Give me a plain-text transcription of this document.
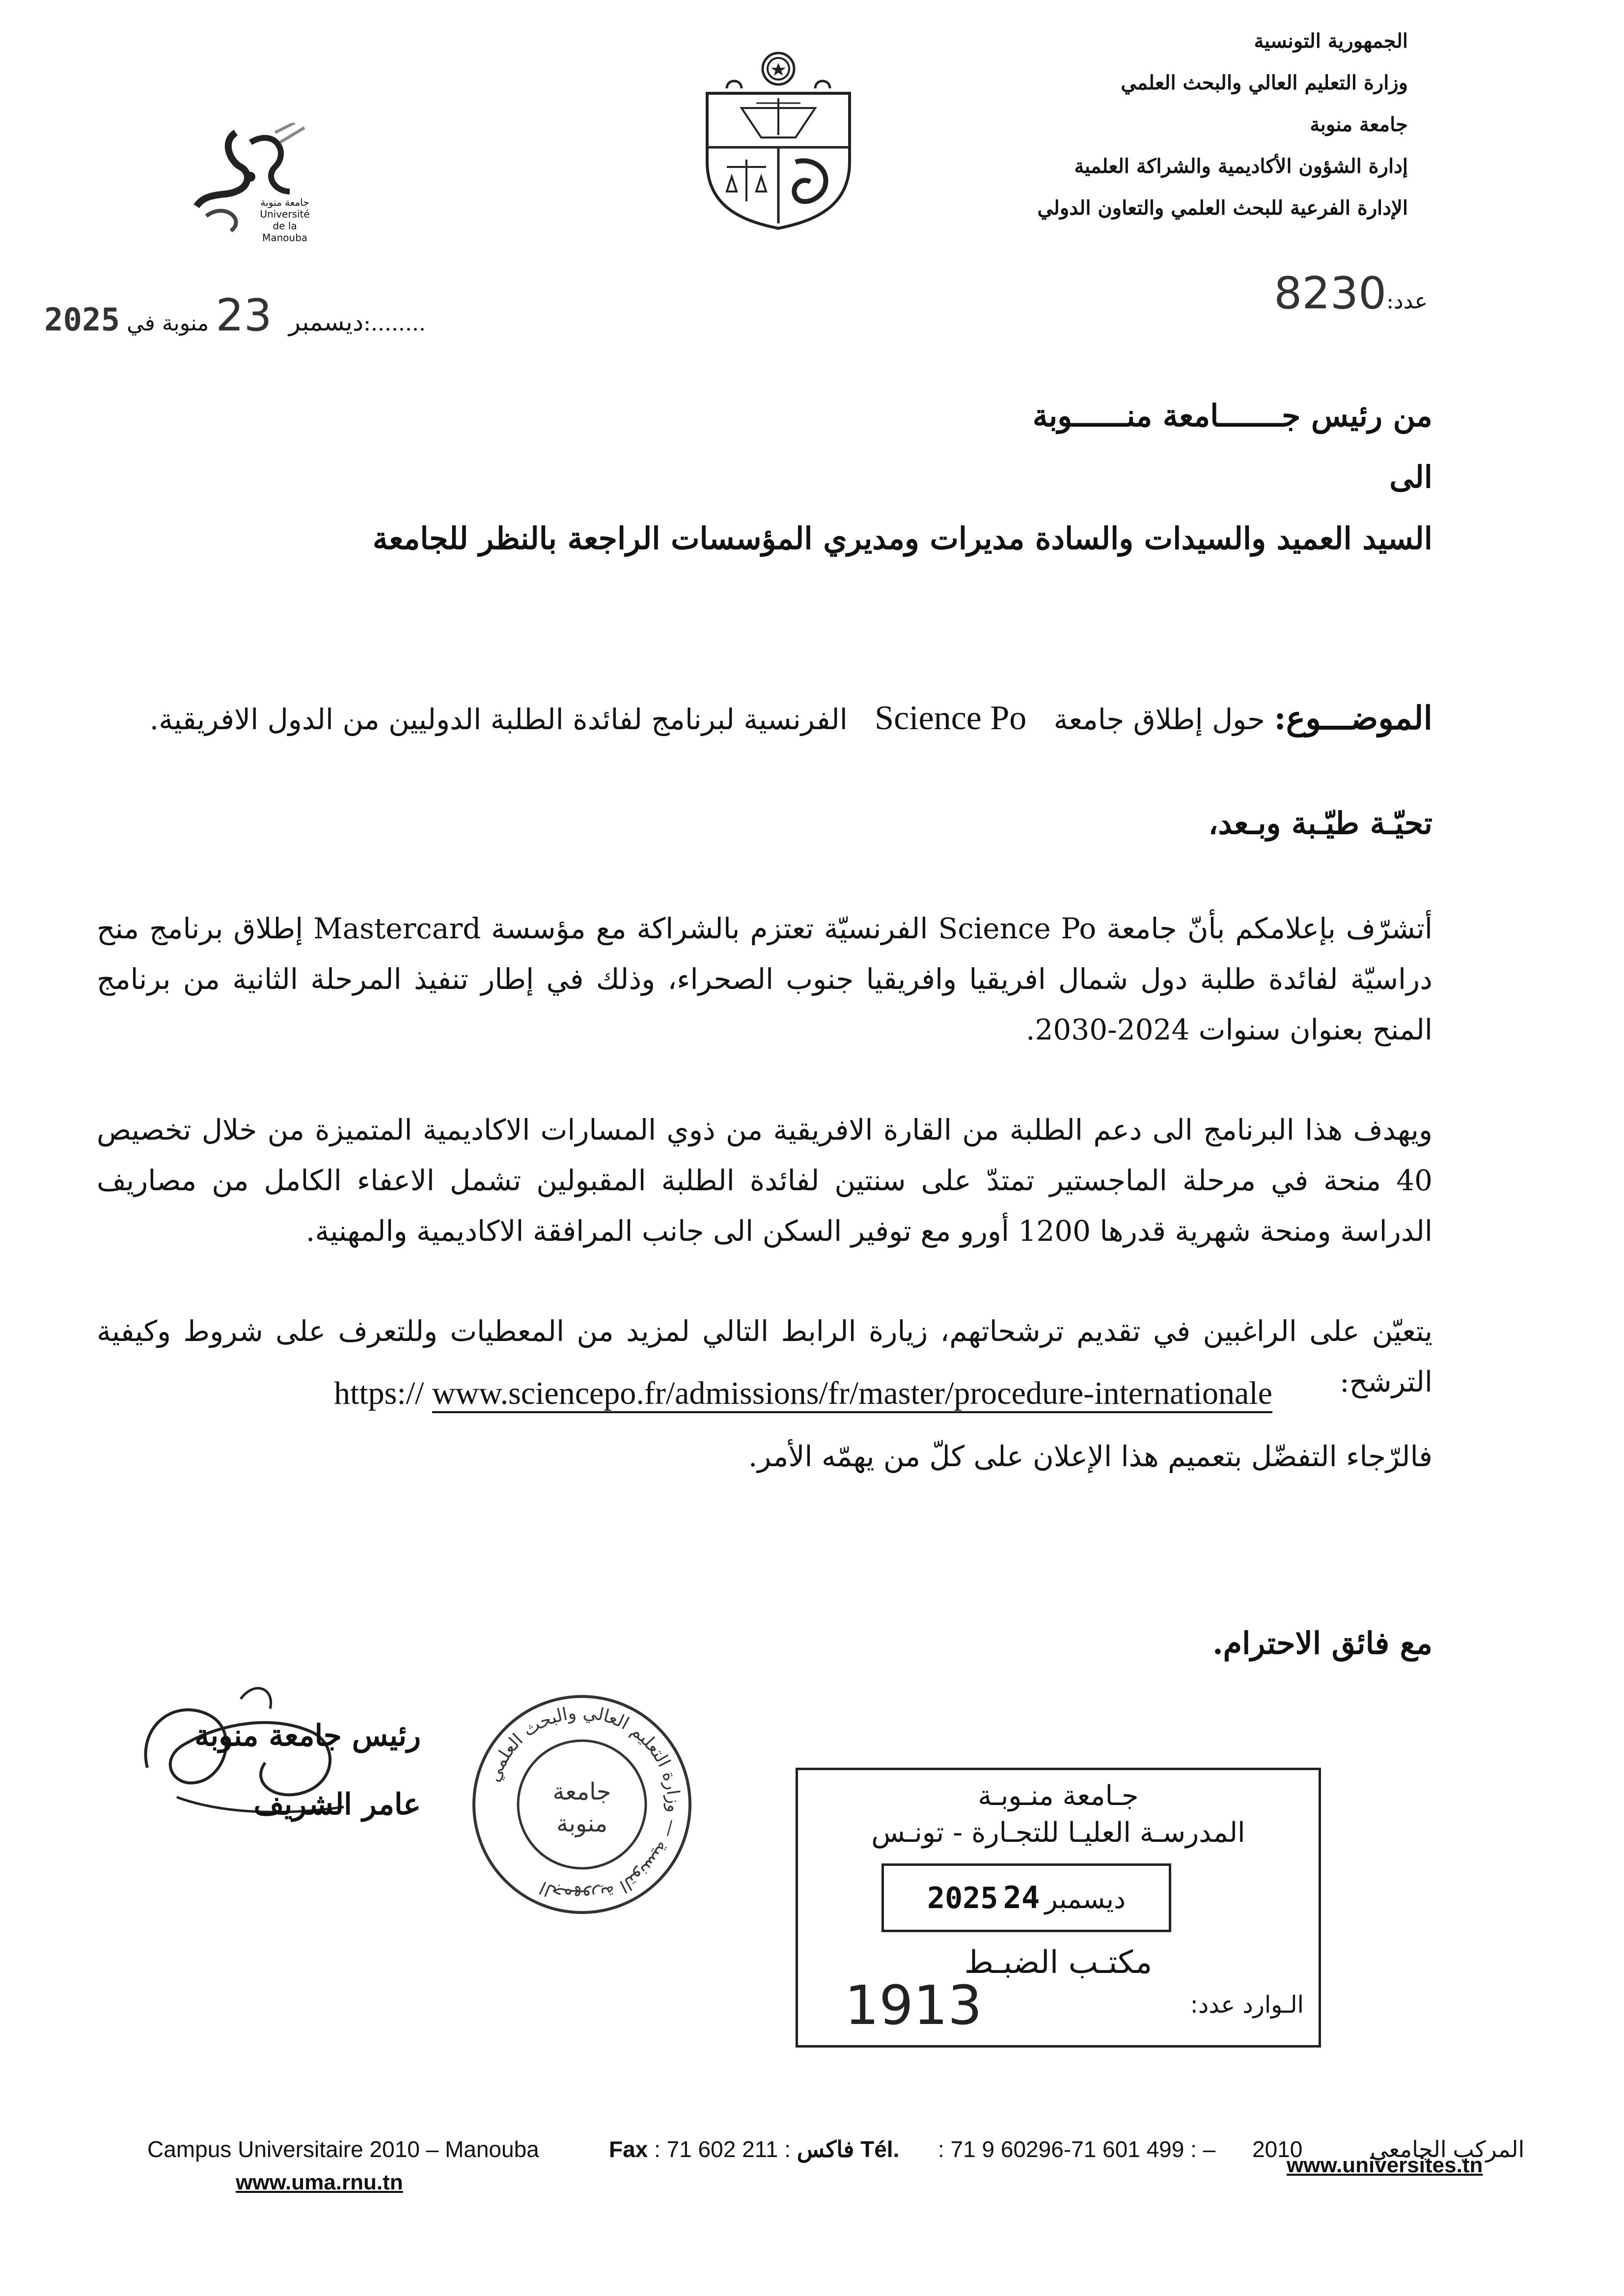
الجمهورية التونسية
وزارة التعليم العالي والبحث العلمي
جامعة منوبة
إدارة الشؤون الأكاديمية والشراكة العلمية
الإدارة الفرعية للبحث العلمي والتعاون الدولي
جامعة منوبة
Université
de la Manouba
2025	ديسمبر 23 منوبة في:........
عدد:8230
من رئيس جـــــــامعة منــــــوبة
الى
السيد العميد والسيدات والسادة مديرات ومديري المؤسسات الراجعة بالنظر للجامعة
الموضـــوع: حول إطلاق جامعة   Science Po   الفرنسية لبرنامج لفائدة الطلبة الدوليين من الدول الافريقية.
تحيّـة طيّـبة وبـعد،
أتشرّف بإعلامكم بأنّ جامعة Science Po الفرنسيّة تعتزم بالشراكة مع مؤسسة Mastercard إطلاق برنامج منح دراسيّة لفائدة طلبة دول شمال افريقيا وافريقيا جنوب الصحراء، وذلك في إطار تنفيذ المرحلة الثانية من برنامج المنح بعنوان سنوات 2024-2030.
ويهدف هذا البرنامج الى دعم الطلبة من القارة الافريقية من ذوي المسارات الاكاديمية المتميزة من خلال تخصيص 40 منحة في مرحلة الماجستير تمتدّ على سنتين لفائدة الطلبة المقبولين تشمل الاعفاء الكامل من مصاريف الدراسة ومنحة شهرية قدرها 1200 أورو مع توفير السكن الى جانب المرافقة الاكاديمية والمهنية.
يتعيّن على الراغبين في تقديم ترشحاتهم، زيارة الرابط التالي لمزيد من المعطيات وللتعرف على شروط وكيفية الترشح:
https:// www.sciencepo.fr/admissions/fr/master/procedure-internationale
فالرّجاء التفضّل بتعميم هذا الإعلان على كلّ من يهمّه الأمر.
مع فائق الاحترام.
رئيس جامعة منوبة
عامر الشريف
الجمهورية التونسية — وزارة التعليم العالي والبحث العلمي
جامعة
منوبة
جـامعة منـوبـة
المدرسـة العليـا للتجـارة - تونـس
2025 ديسمبر  24
مكتـب الضبـط
1913	الـوارد عدد:
Campus Universitaire 2010 – Manouba	Fax : 71 602 211 : فاكس Tél. : 71 9 60296-71 601 499 : – 2010	المركب الجامعي
www.uma.rnu.tn
www.universites.tn
